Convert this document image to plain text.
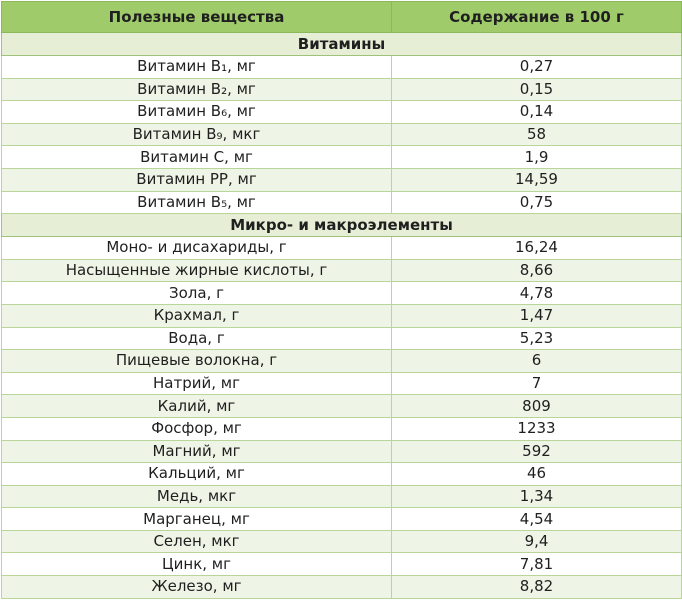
Полезные вещества	Содержание в 100 г
Витамины	
Витамин В₁, мг	0,27
Витамин В₂, мг	0,15
Витамин В₆, мг	0,14
Витамин В₉, мкг	58
Витамин С, мг	1,9
Витамин РР, мг	14,59
Витамин В₅, мг	0,75
Микро- и макроэлементы	
Моно- и дисахариды, г	16,24
Насыщенные жирные кислоты, г	8,66
Зола, г	4,78
Крахмал, г	1,47
Вода, г	5,23
Пищевые волокна, г	6
Натрий, мг	7
Калий, мг	809
Фосфор, мг	1233
Магний, мг	592
Кальций, мг	46
Медь, мкг	1,34
Марганец, мг	4,54
Селен, мкг	9,4
Цинк, мг	7,81
Железо, мг	8,82
